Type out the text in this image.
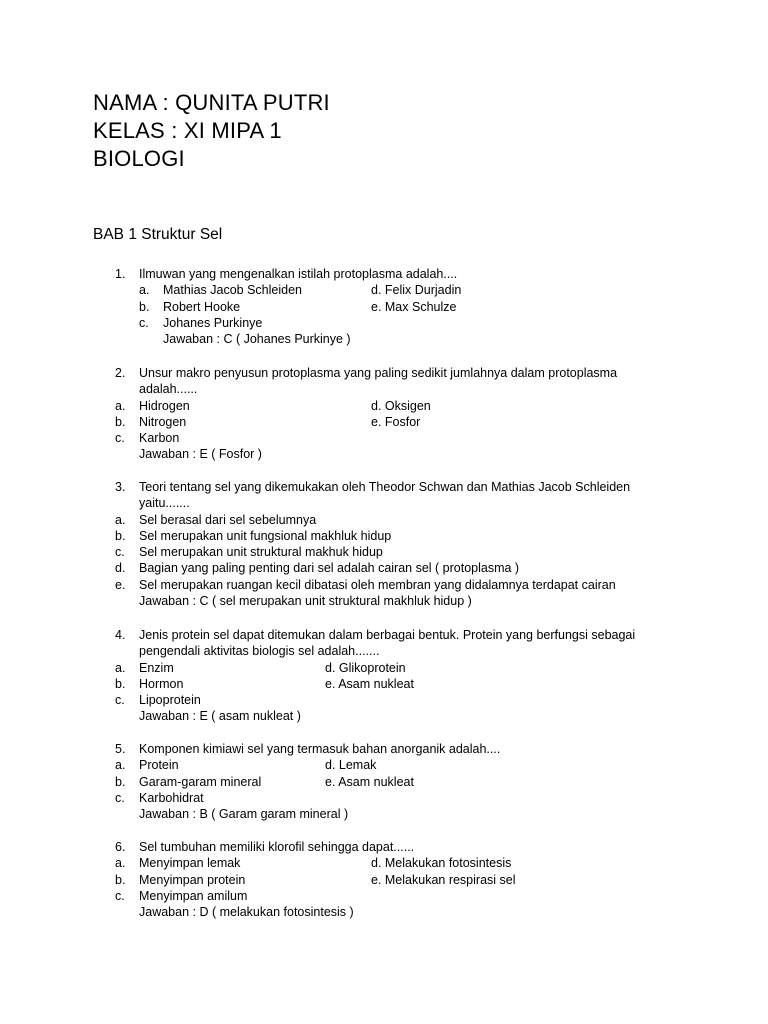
NAMA : QUNITA PUTRI
KELAS : XI MIPA 1
BIOLOGI
BAB 1 Struktur Sel
1.	Ilmuwan yang mengenalkan istilah protoplasma adalah....
a. Mathias Jacob Schleiden	d. Felix Durjadin
b. Robert Hooke	e. Max Schulze
c. Johanes Purkinye
Jawaban : C ( Johanes Purkinye )
2.	Unsur makro penyusun protoplasma yang paling sedikit jumlahnya dalam protoplasma
adalah......
a. Hidrogen	d. Oksigen
b. Nitrogen	e. Fosfor
c. Karbon
Jawaban : E ( Fosfor )
3.	Teori tentang sel yang dikemukakan oleh Theodor Schwan dan Mathias Jacob Schleiden
yaitu.......
a. Sel berasal dari sel sebelumnya
b. Sel merupakan unit fungsional makhluk hidup
c. Sel merupakan unit struktural makhuk hidup
d. Bagian yang paling penting dari sel adalah cairan sel ( protoplasma )
e. Sel merupakan ruangan kecil dibatasi oleh membran yang didalamnya terdapat cairan
Jawaban : C ( sel merupakan unit struktural makhluk hidup )
4.	Jenis protein sel dapat ditemukan dalam berbagai bentuk. Protein yang berfungsi sebagai
pengendali aktivitas biologis sel adalah.......
a. Enzim	d. Glikoprotein
b. Hormon	e. Asam nukleat
c. Lipoprotein
Jawaban : E ( asam nukleat )
5.	Komponen kimiawi sel yang termasuk bahan anorganik adalah....
a. Protein	d. Lemak
b. Garam-garam mineral	e. Asam nukleat
c. Karbohidrat
Jawaban : B ( Garam garam mineral )
6.	Sel tumbuhan memiliki klorofil sehingga dapat......
a. Menyimpan lemak	d. Melakukan fotosintesis
b. Menyimpan protein	e. Melakukan respirasi sel
c. Menyimpan amilum
Jawaban : D ( melakukan fotosintesis )
